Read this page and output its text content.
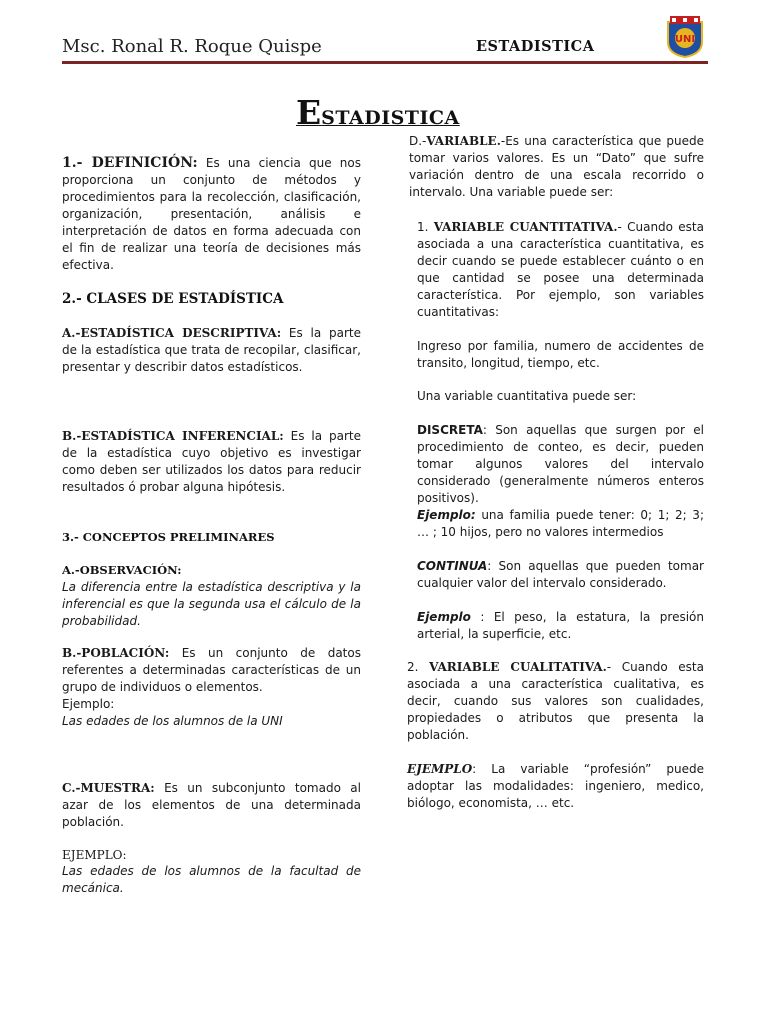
Msc. Ronal R. Roque Quispe	ESTADISTICA	UNI
ESTADISTICA
1.- DEFINICIÓN: Es una ciencia que nos proporciona un conjunto de métodos y procedimientos para la recolección, clasificación, organización, presentación, análisis e interpretación de datos en forma adecuada con el fin de realizar una teoría de decisiones más efectiva.
2.- CLASES DE ESTADÍSTICA
A.-ESTADÍSTICA DESCRIPTIVA: Es la parte de la estadística que trata de recopilar, clasificar, presentar y describir datos estadísticos.
B.-ESTADÍSTICA INFERENCIAL: Es la parte de la estadística cuyo objetivo es investigar como deben ser utilizados los datos para reducir resultados ó probar alguna hipótesis.
3.- CONCEPTOS PRELIMINARES
A.-OBSERVACIÓN:
La diferencia entre la estadística descriptiva y la inferencial es que la segunda usa el cálculo de la probabilidad.
B.-POBLACIÓN: Es un conjunto de datos referentes a determinadas características de un grupo de individuos o elementos.
Ejemplo:
Las edades de los alumnos de la UNI
C.-MUESTRA: Es un subconjunto tomado al azar de los elementos de una determinada población.
EJEMPLO:
Las edades de los alumnos de la facultad de mecánica.
D.-VARIABLE.-Es una característica que puede tomar varios valores. Es un “Dato” que sufre variación dentro de una escala recorrido o intervalo. Una variable puede ser:
1. VARIABLE CUANTITATIVA.- Cuando esta asociada a una característica cuantitativa, es decir cuando se puede establecer cuánto o en que cantidad se posee una determinada característica. Por ejemplo, son variables cuantitativas:
Ingreso por familia, numero de accidentes de transito, longitud, tiempo, etc.
Una variable cuantitativa puede ser:
DISCRETA: Son aquellas que surgen por el procedimiento de conteo, es decir, pueden tomar algunos valores del intervalo considerado (generalmente números enteros positivos).
Ejemplo: una familia puede tener: 0; 1; 2; 3; … ; 10 hijos, pero no valores intermedios
CONTINUA: Son aquellas que pueden tomar cualquier valor del intervalo considerado.
Ejemplo : El peso, la estatura, la presión arterial, la superficie, etc.
2. VARIABLE CUALITATIVA.- Cuando esta asociada a una característica cualitativa, es decir, cuando sus valores son cualidades, propiedades o atributos que presenta la población.
EJEMPLO: La variable “profesión” puede adoptar las modalidades: ingeniero, medico, biólogo, economista, … etc.
